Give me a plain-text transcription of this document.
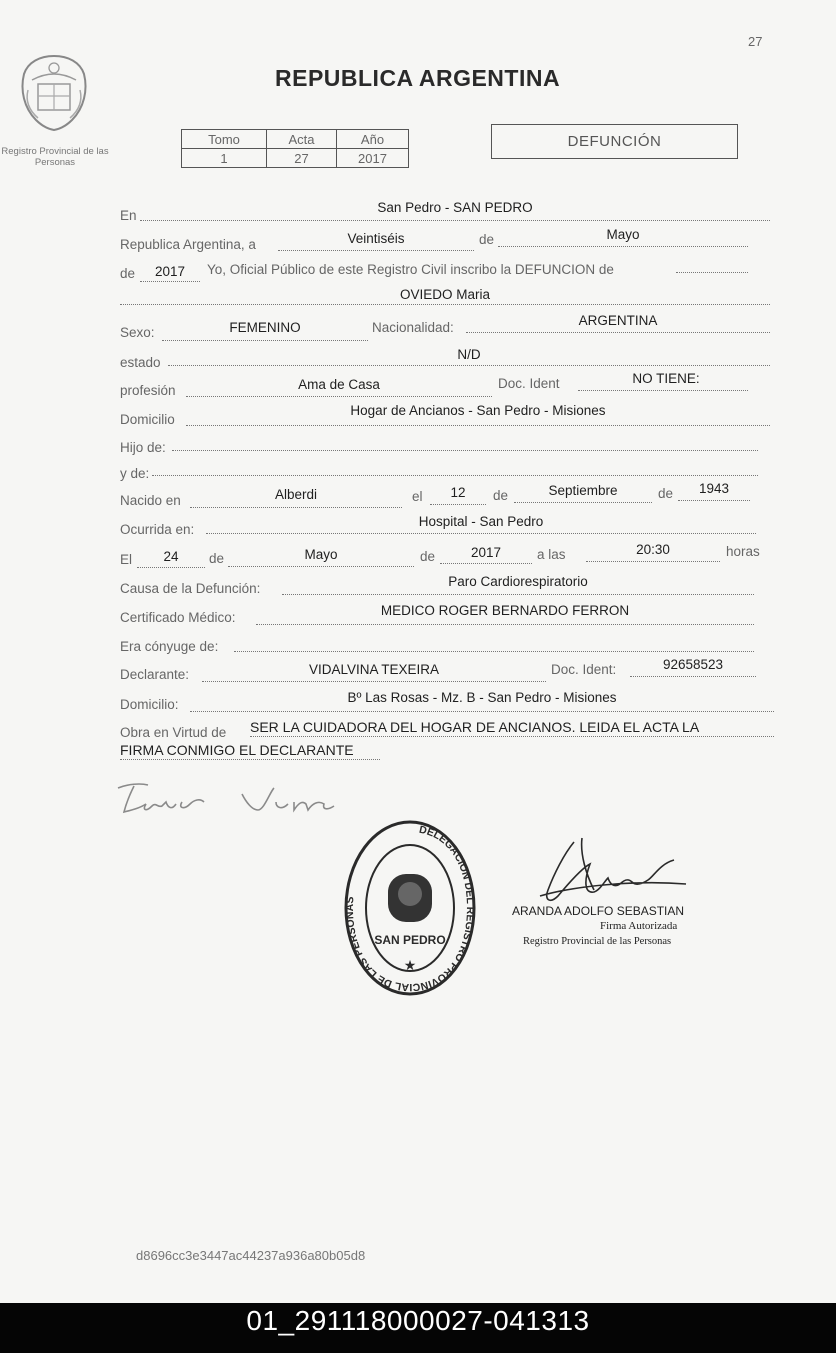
27
Registro Provincial de las Personas
REPUBLICA ARGENTINA
Tomo	Acta	Año
1	27	2017
DEFUNCIÓN
En
San Pedro - SAN PEDRO
Republica Argentina, a	Veintiséis	de	Mayo
de	2017	Yo, Oficial Público de este Registro Civil inscribo la DEFUNCION de
OVIEDO Maria
Sexo:	FEMENINO	Nacionalidad:	ARGENTINA
estado
N/D
profesión	Ama de Casa	Doc. Ident	NO TIENE:
Domicilio
Hogar de Ancianos - San Pedro - Misiones
Hijo de:
y de:
Nacido en	Alberdi	el	12	de	Septiembre	de	1943
Ocurrida en:
Hospital - San Pedro
El	24	de	Mayo	de	2017	a las	20:30	horas
Causa de la Defunción:	Paro Cardiorespiratorio
Certificado Médico:	MEDICO ROGER BERNARDO FERRON
Era cónyuge de:
Declarante:	VIDALVINA TEXEIRA	Doc. Ident:	92658523
Domicilio:	Bº Las Rosas - Mz. B - San Pedro - Misiones
Obra en Virtud de SER LA CUIDADORA DEL HOGAR DE ANCIANOS. LEIDA EL ACTA LA
FIRMA CONMIGO EL DECLARANTE
DELEGACION DEL REGISTRO PROVINCIAL DE LAS PERSONAS
SAN PEDRO
★
ARANDA ADOLFO SEBASTIAN
Firma Autorizada
Registro Provincial de las Personas
d8696cc3e3447ac44237a936a80b05d8
01_291118000027-041313
